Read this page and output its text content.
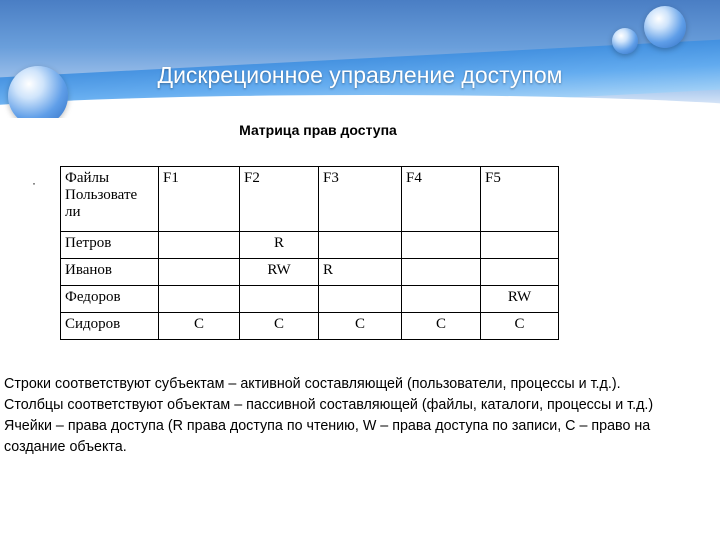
Дискреционное управление доступом
Матрица прав доступа
· Файлы
Пользовате
ли	F1	F2	F3	F4	F5
Петров		R			
Иванов		RW	R		
Федоров					RW
Сидоров	C	C	C	C	C
Строки соответствуют субъектам – активной составляющей (пользователи, процессы и т.д.).
Столбцы соответствуют объектам – пассивной составляющей (файлы, каталоги, процессы и т.д.)
Ячейки – права доступа (R права доступа по чтению, W – права доступа по записи, С – право на
создание объекта.
